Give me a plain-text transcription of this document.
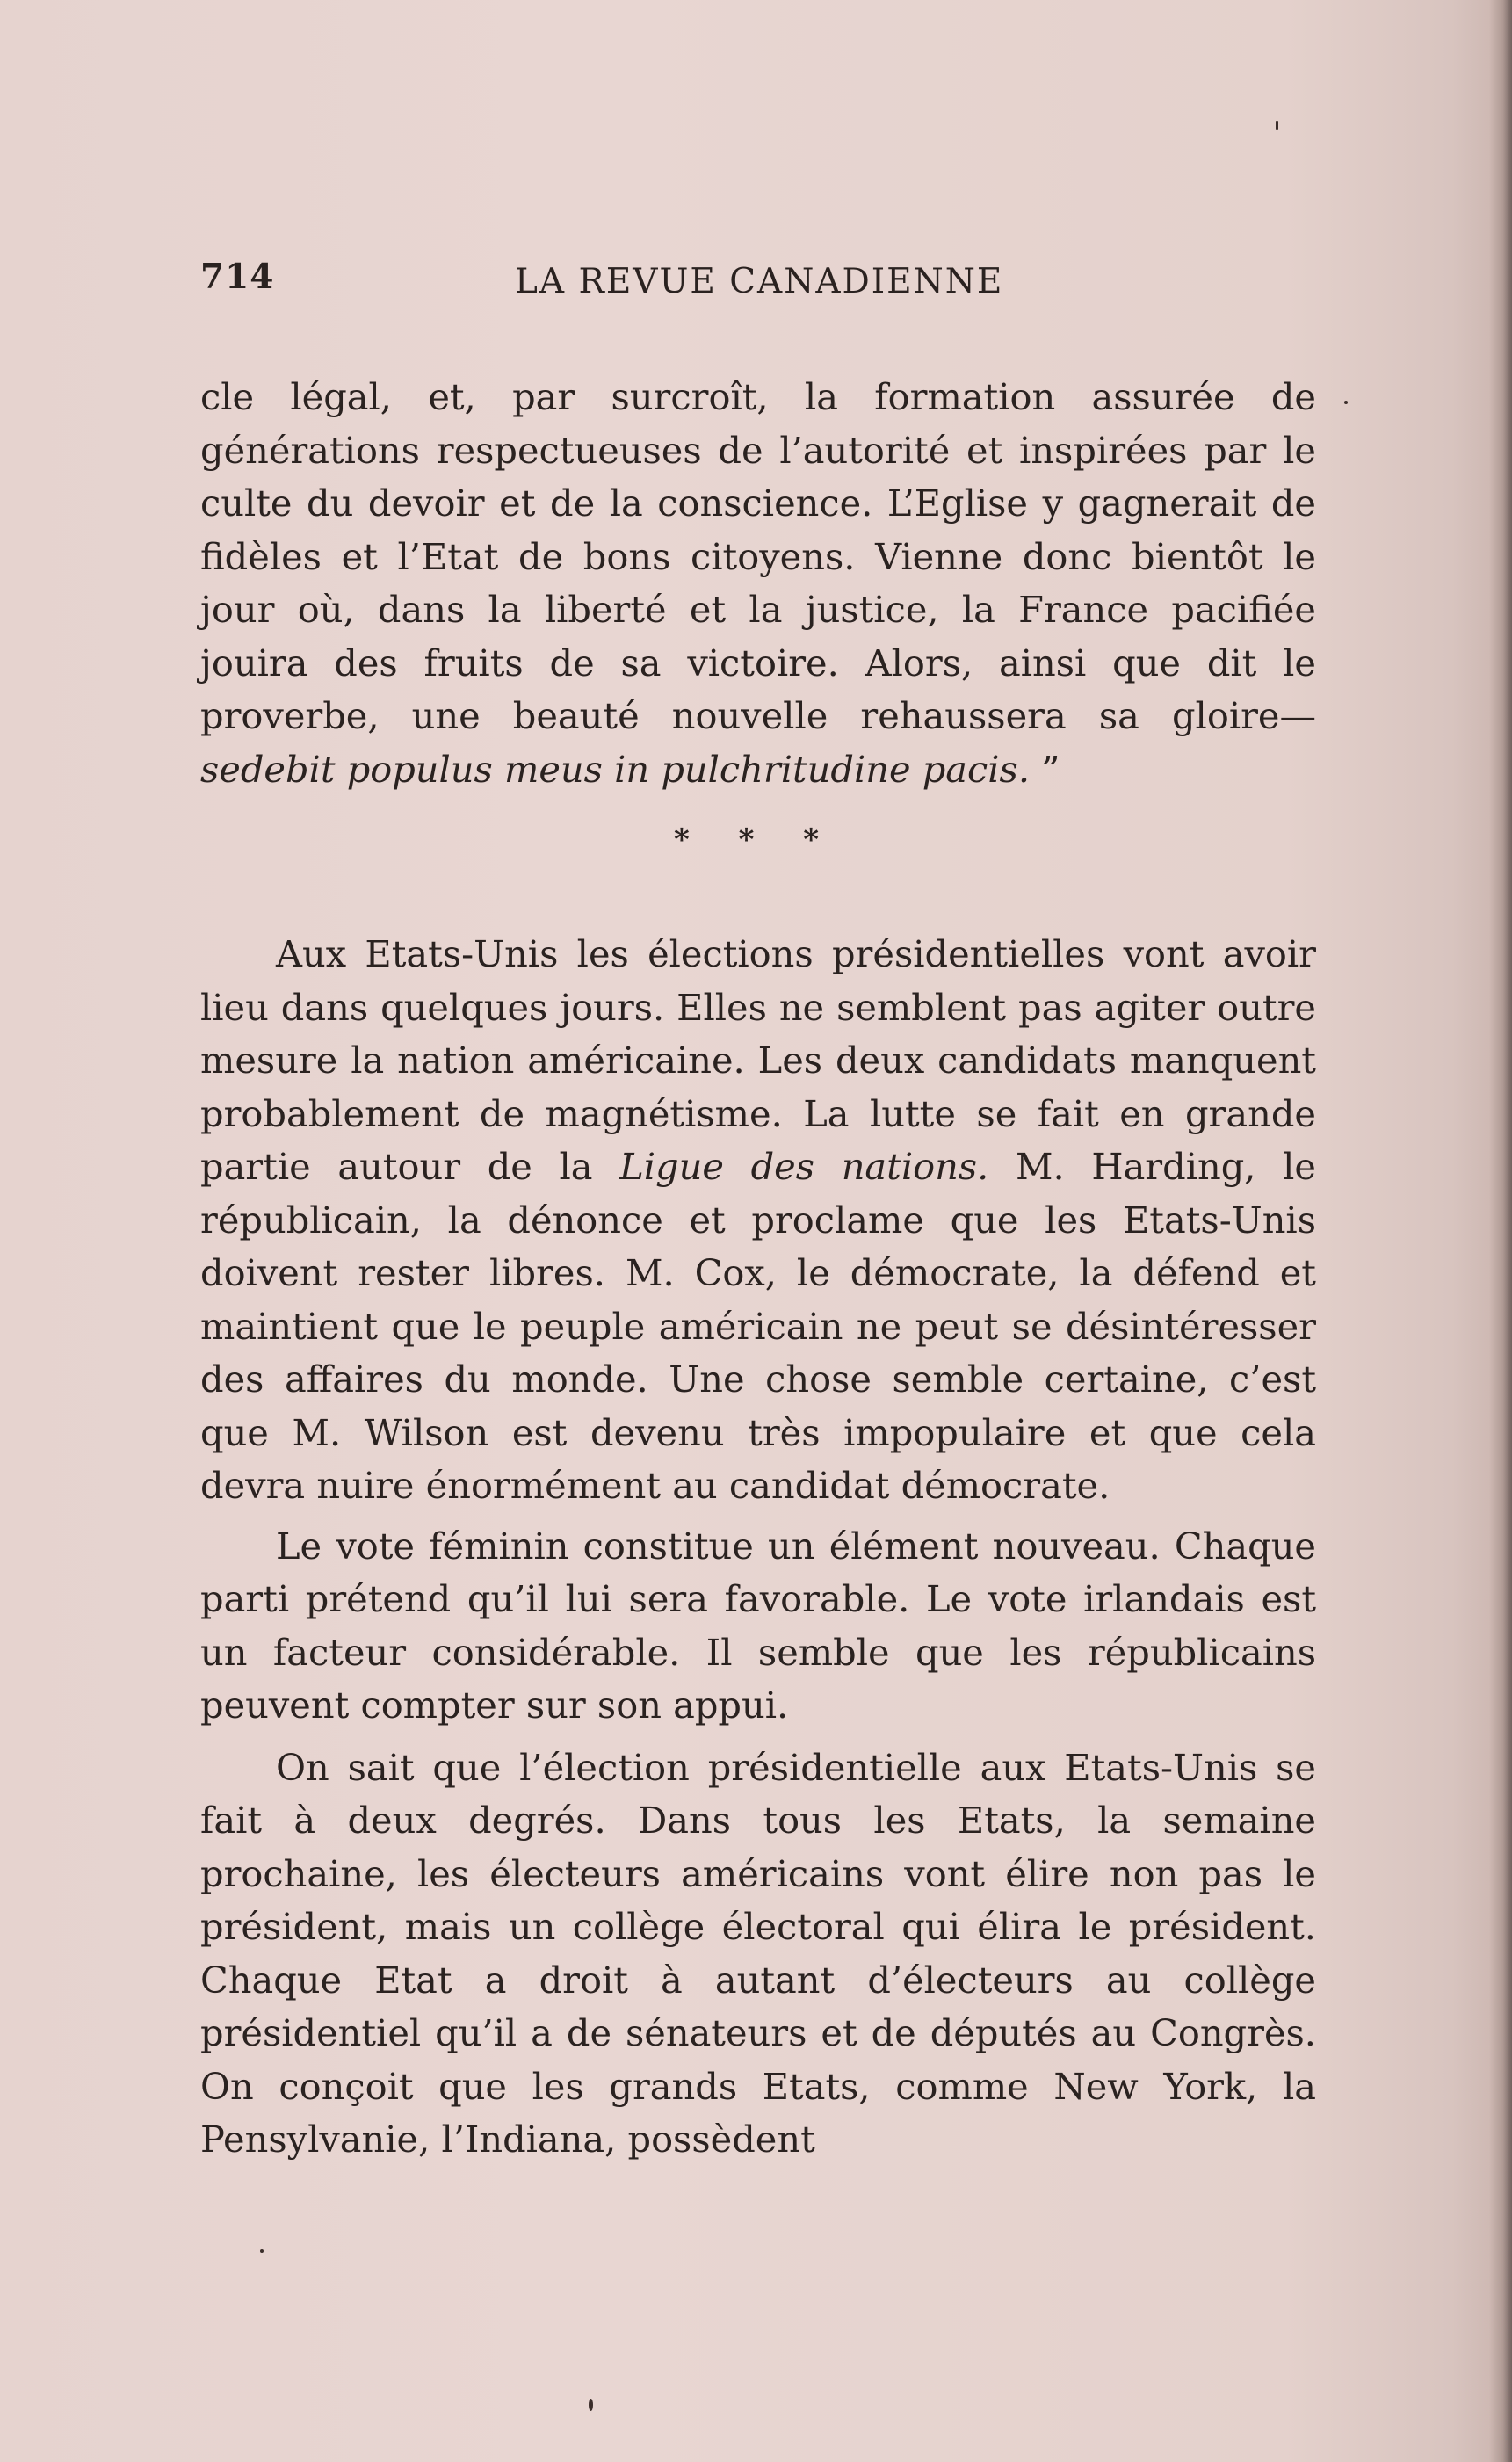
714	LA REVUE CANADIENNE

cle légal, et, par surcroît, la formation assurée de générations respectueuses de l’autorité et inspirées par le culte du devoir et de la conscience. L’Eglise y gagnerait de fidèles et l’Etat de bons citoyens. Vienne donc bientôt le jour où, dans la liberté et la justice, la France pacifiée jouira des fruits de sa victoire. Alors, ainsi que dit le proverbe, une beauté nouvelle rehaussera sa gloire—sedebit populus meus in pulchritudine pacis. ”

* * *

Aux Etats-Unis les élections présidentielles vont avoir lieu dans quelques jours. Elles ne semblent pas agiter outre mesure la nation américaine. Les deux candidats manquent probablement de magnétisme. La lutte se fait en grande partie autour de la Ligue des nations. M. Harding, le républicain, la dénonce et proclame que les Etats-Unis doivent rester libres. M. Cox, le démocrate, la défend et maintient que le peuple américain ne peut se désintéresser des affaires du monde. Une chose semble certaine, c’est que M. Wilson est devenu très impopulaire et que cela devra nuire énormément au candidat démocrate.

Le vote féminin constitue un élément nouveau. Chaque parti prétend qu’il lui sera favorable. Le vote irlandais est un facteur considérable. Il semble que les républicains peuvent compter sur son appui.

On sait que l’élection présidentielle aux Etats-Unis se fait à deux degrés. Dans tous les Etats, la semaine prochaine, les électeurs américains vont élire non pas le président, mais un collège électoral qui élira le président. Chaque Etat a droit à autant d’électeurs au collège présidentiel qu’il a de sénateurs et de députés au Congrès. On conçoit que les grands Etats, comme New York, la Pensylvanie, l’Indiana, possèdent
